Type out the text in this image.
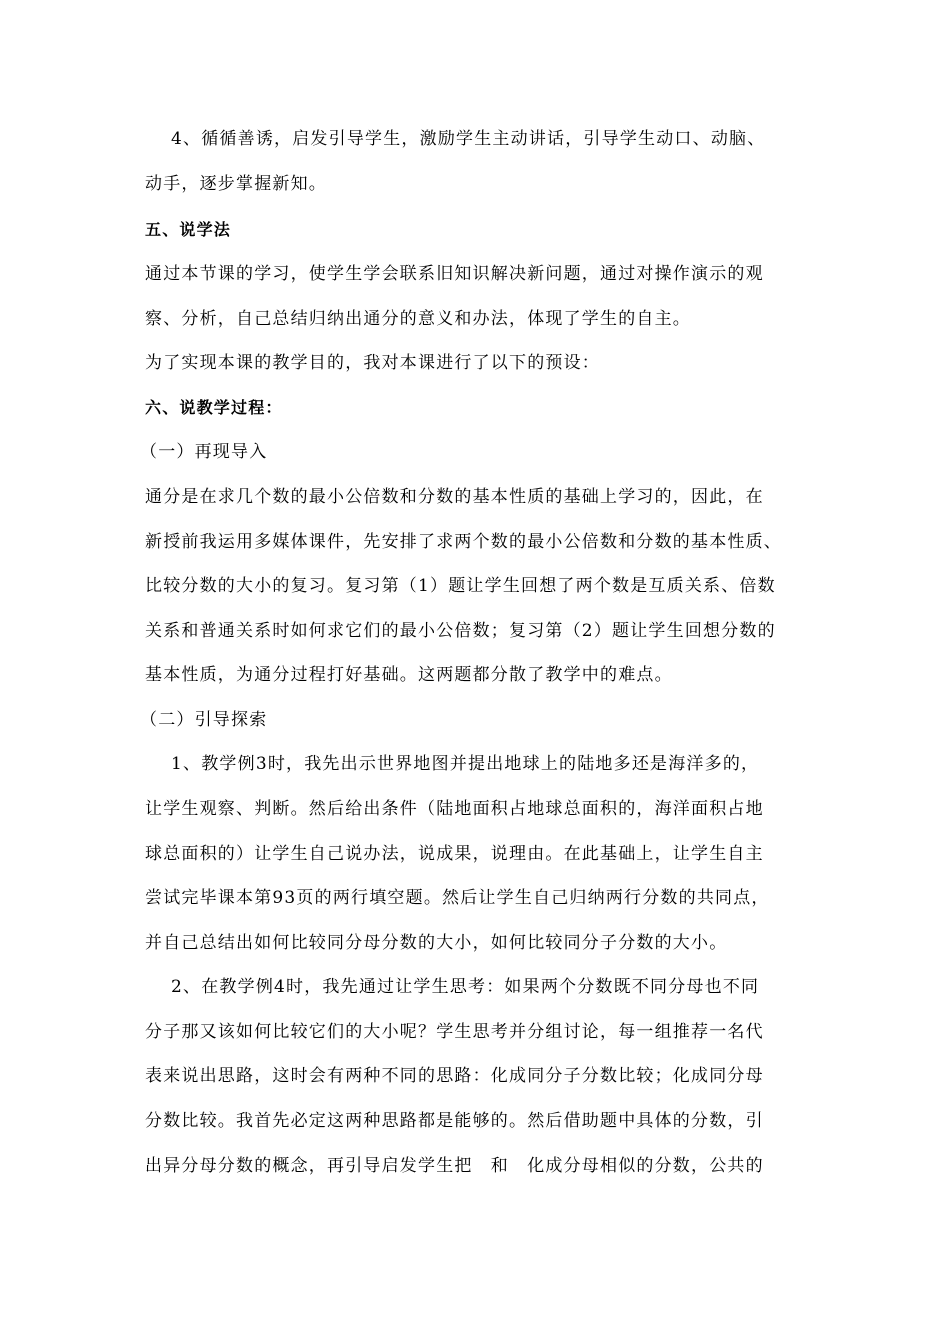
4、循循善诱，启发引导学生，激励学生主动讲话，引导学生动口、动脑、
动手，逐步掌握新知。
五、说学法
通过本节课的学习，使学生学会联系旧知识解决新问题，通过对操作演示的观
察、分析，自己总结归纳出通分的意义和办法，体现了学生的自主。
为了实现本课的教学目的，我对本课进行了以下的预设：
六、说教学过程：
（一）再现导入
通分是在求几个数的最小公倍数和分数的基本性质的基础上学习的，因此，在
新授前我运用多媒体课件，先安排了求两个数的最小公倍数和分数的基本性质、
比较分数的大小的复习。复习第（1）题让学生回想了两个数是互质关系、倍数
关系和普通关系时如何求它们的最小公倍数；复习第（2）题让学生回想分数的
基本性质，为通分过程打好基础。这两题都分散了教学中的难点。
（二）引导探索
1、教学例3时，我先出示世界地图并提出地球上的陆地多还是海洋多的，
让学生观察、判断。然后给出条件（陆地面积占地球总面积的，海洋面积占地
球总面积的）让学生自己说办法，说成果，说理由。在此基础上，让学生自主
尝试完毕课本第93页的两行填空题。然后让学生自己归纳两行分数的共同点，
并自己总结出如何比较同分母分数的大小，如何比较同分子分数的大小。
2、在教学例4时，我先通过让学生思考：如果两个分数既不同分母也不同
分子那又该如何比较它们的大小呢？学生思考并分组讨论，每一组推荐一名代
表来说出思路，这时会有两种不同的思路：化成同分子分数比较；化成同分母
分数比较。我首先必定这两种思路都是能够的。然后借助题中具体的分数，引
出异分母分数的概念，再引导启发学生把　和　化成分母相似的分数，公共的
